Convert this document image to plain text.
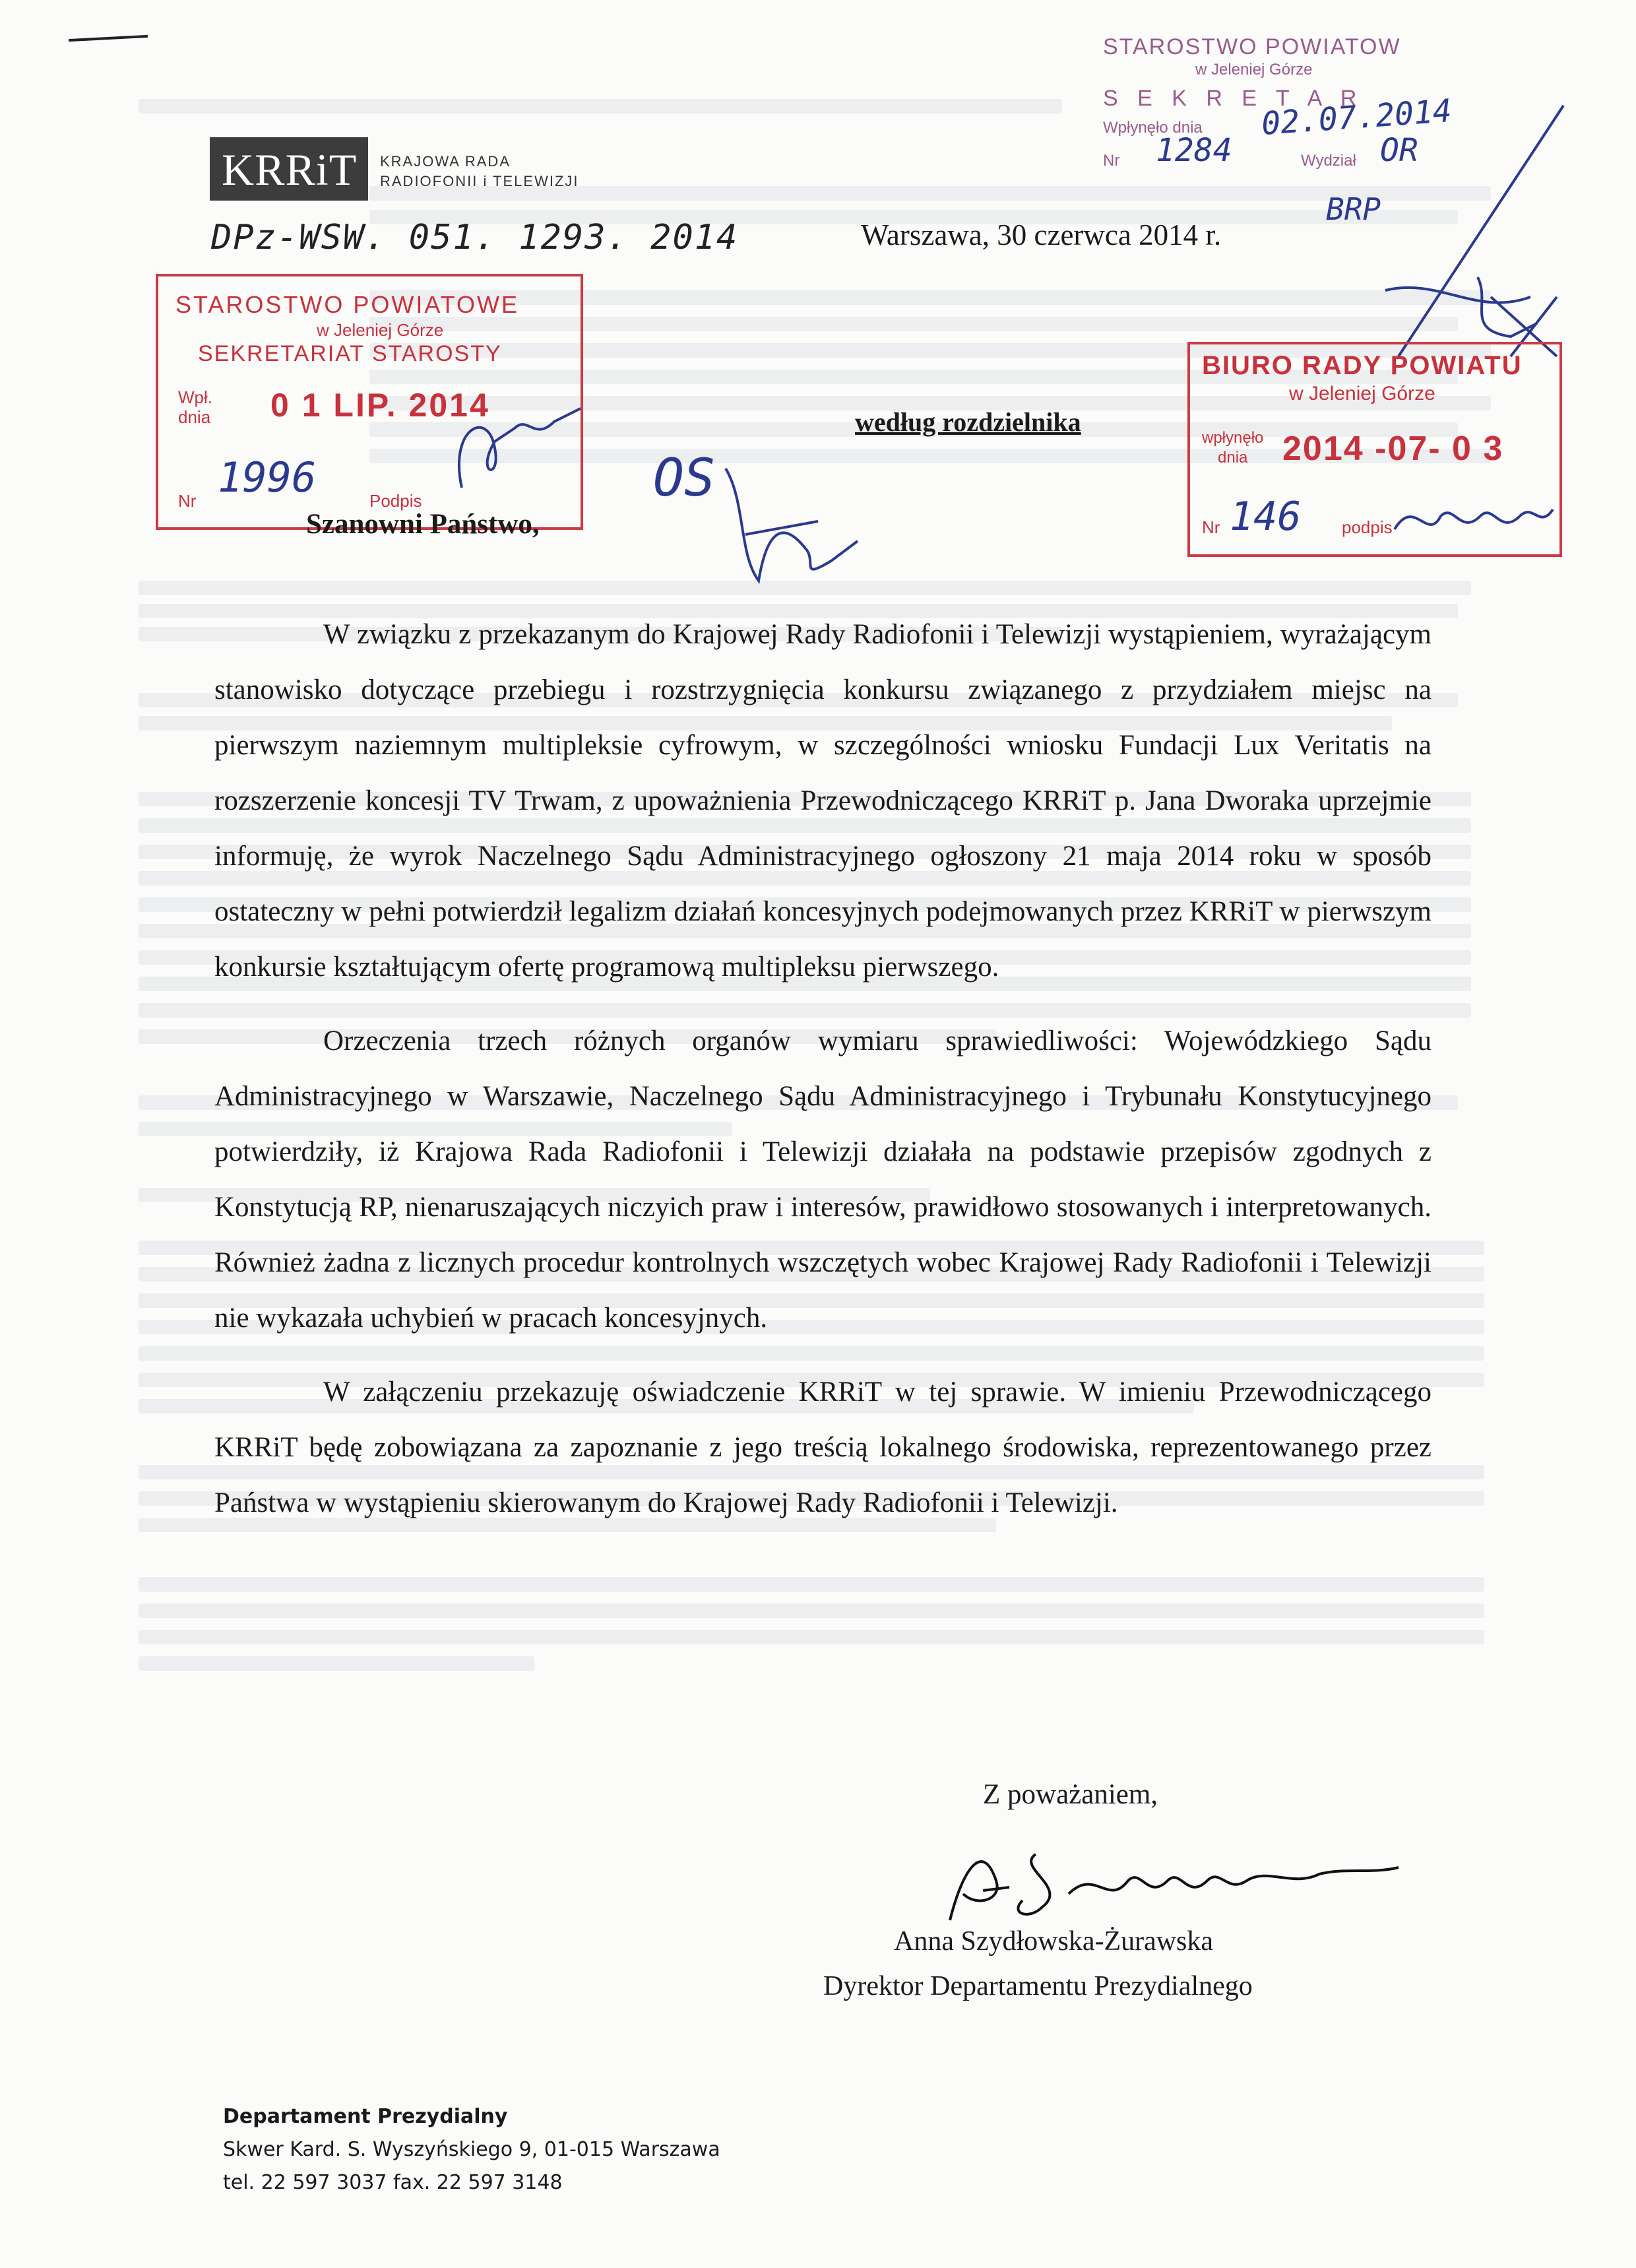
KRRiT KRAJOWA RADA
RADIOFONII i TELEWIZJI
DPz-WSW. 051. 1293. 2014	Warszawa, 30 czerwca 2014 r.
STAROSTWO POWIATOW
w Jeleniej Górze
S E K R E T A R
Wpłynęło dnia 02.07.2014
Nr 1284	Wydział OR
BRP
STAROSTWO POWIATOWE
w Jeleniej Górze
SEKRETARIAT STAROSTY
Wpł.
dnia 0 1 LIP. 2014
Nr 1996	Podpis
według rozdzielnika
OS
BIURO RADY POWIATU
w Jeleniej Górze
wpłynęło
dnia 2014 -07- 0 3
Nr 146 podpis
Szanowni Państwo,

W związku z przekazanym do Krajowej Rady Radiofonii i Telewizji wystąpieniem, wyrażającym stanowisko dotyczące przebiegu i rozstrzygnięcia konkursu związanego z przydziałem miejsc na pierwszym naziemnym multipleksie cyfrowym, w szczególności wniosku Fundacji Lux Veritatis na rozszerzenie koncesji TV Trwam, z upoważnienia Przewodniczącego KRRiT p. Jana Dworaka uprzejmie informuję, że wyrok Naczelnego Sądu Administracyjnego ogłoszony 21 maja 2014 roku w sposób ostateczny w pełni potwierdził legalizm działań koncesyjnych podejmowanych przez KRRiT w pierwszym konkursie kształtującym ofertę programową multipleksu pierwszego.

Orzeczenia trzech różnych organów wymiaru sprawiedliwości: Wojewódzkiego Sądu Administracyjnego w Warszawie, Naczelnego Sądu Administracyjnego i Trybunału Konstytucyjnego potwierdziły, iż Krajowa Rada Radiofonii i Telewizji działała na podstawie przepisów zgodnych z Konstytucją RP, nienaruszających niczyich praw i interesów, prawidłowo stosowanych i interpretowanych. Również żadna z licznych procedur kontrolnych wszczętych wobec Krajowej Rady Radiofonii i Telewizji nie wykazała uchybień w pracach koncesyjnych.

W załączeniu przekazuję oświadczenie KRRiT w tej sprawie. W imieniu Przewodniczącego KRRiT będę zobowiązana za zapoznanie z jego treścią lokalnego środowiska, reprezentowanego przez Państwa w wystąpieniu skierowanym do Krajowej Rady Radiofonii i Telewizji.

Z poważaniem,
Anna Szydłowska-Żurawska
Dyrektor Departamentu Prezydialnego
Departament Prezydialny
Skwer Kard. S. Wyszyńskiego 9, 01-015 Warszawa
tel. 22 597 3037 fax. 22 597 3148
